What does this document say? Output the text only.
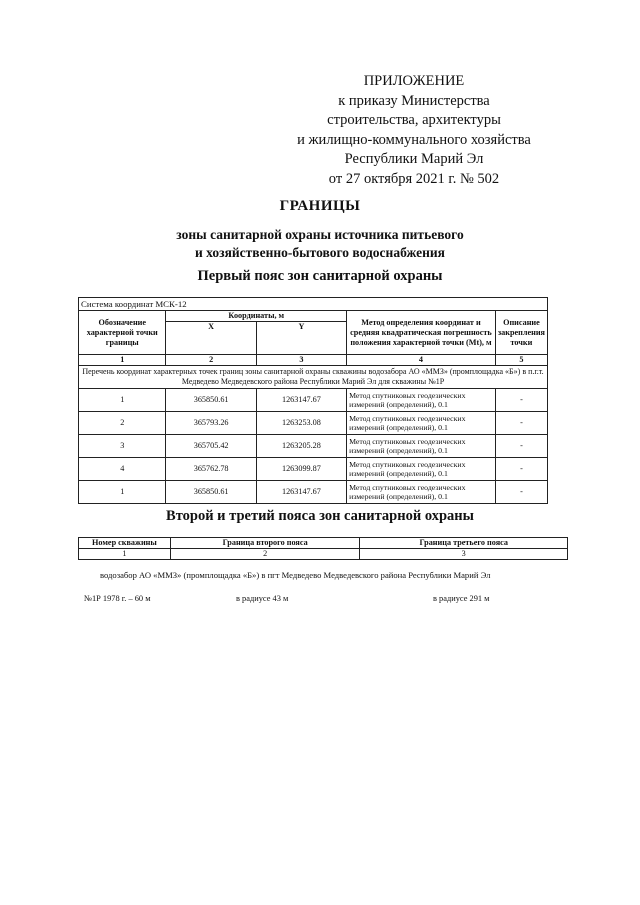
ПРИЛОЖЕНИЕ
к приказу Министерства
строительства, архитектуры
и жилищно-коммунального хозяйства
Республики Марий Эл
от 27 октября 2021 г. № 502
ГРАНИЦЫ
зоны санитарной охраны источника питьевого
и хозяйственно-бытового водоснабжения
Первый пояс зон санитарной охраны
Система координат МСК-12				
Обозначение характерной точки границы	Координаты, м		Метод определения координат и средняя квадратическая погрешность положения характерной точки (Mt), м	Описание закрепления точки
	X	Y		
1	2	3	4	5
Перечень координат характерных точек границ зоны санитарной охраны скважины водозабора АО «ММЗ» (промплощадка «Б») в п.г.т. Медведево Медведевского района Республики Марий Эл для скважины №1Р				
1	365850.61	1263147.67	Метод спутниковых геодезических измерений (определений), 0.1	-
2	365793.26	1263253.08	Метод спутниковых геодезических измерений (определений), 0.1	-
3	365705.42	1263205.28	Метод спутниковых геодезических измерений (определений), 0.1	-
4	365762.78	1263099.87	Метод спутниковых геодезических измерений (определений), 0.1	-
1	365850.61	1263147.67	Метод спутниковых геодезических измерений (определений), 0.1	-
Второй и третий пояса зон санитарной охраны
Номер скважины	Граница второго пояса	Граница третьего пояса
1	2	3
водозабор АО «ММЗ» (промплощадка «Б») в пгт Медведево Медведевского района Республики Марий Эл
№1Р 1978 г. – 60 м	в радиусе 43 м	в радиусе 291 м
